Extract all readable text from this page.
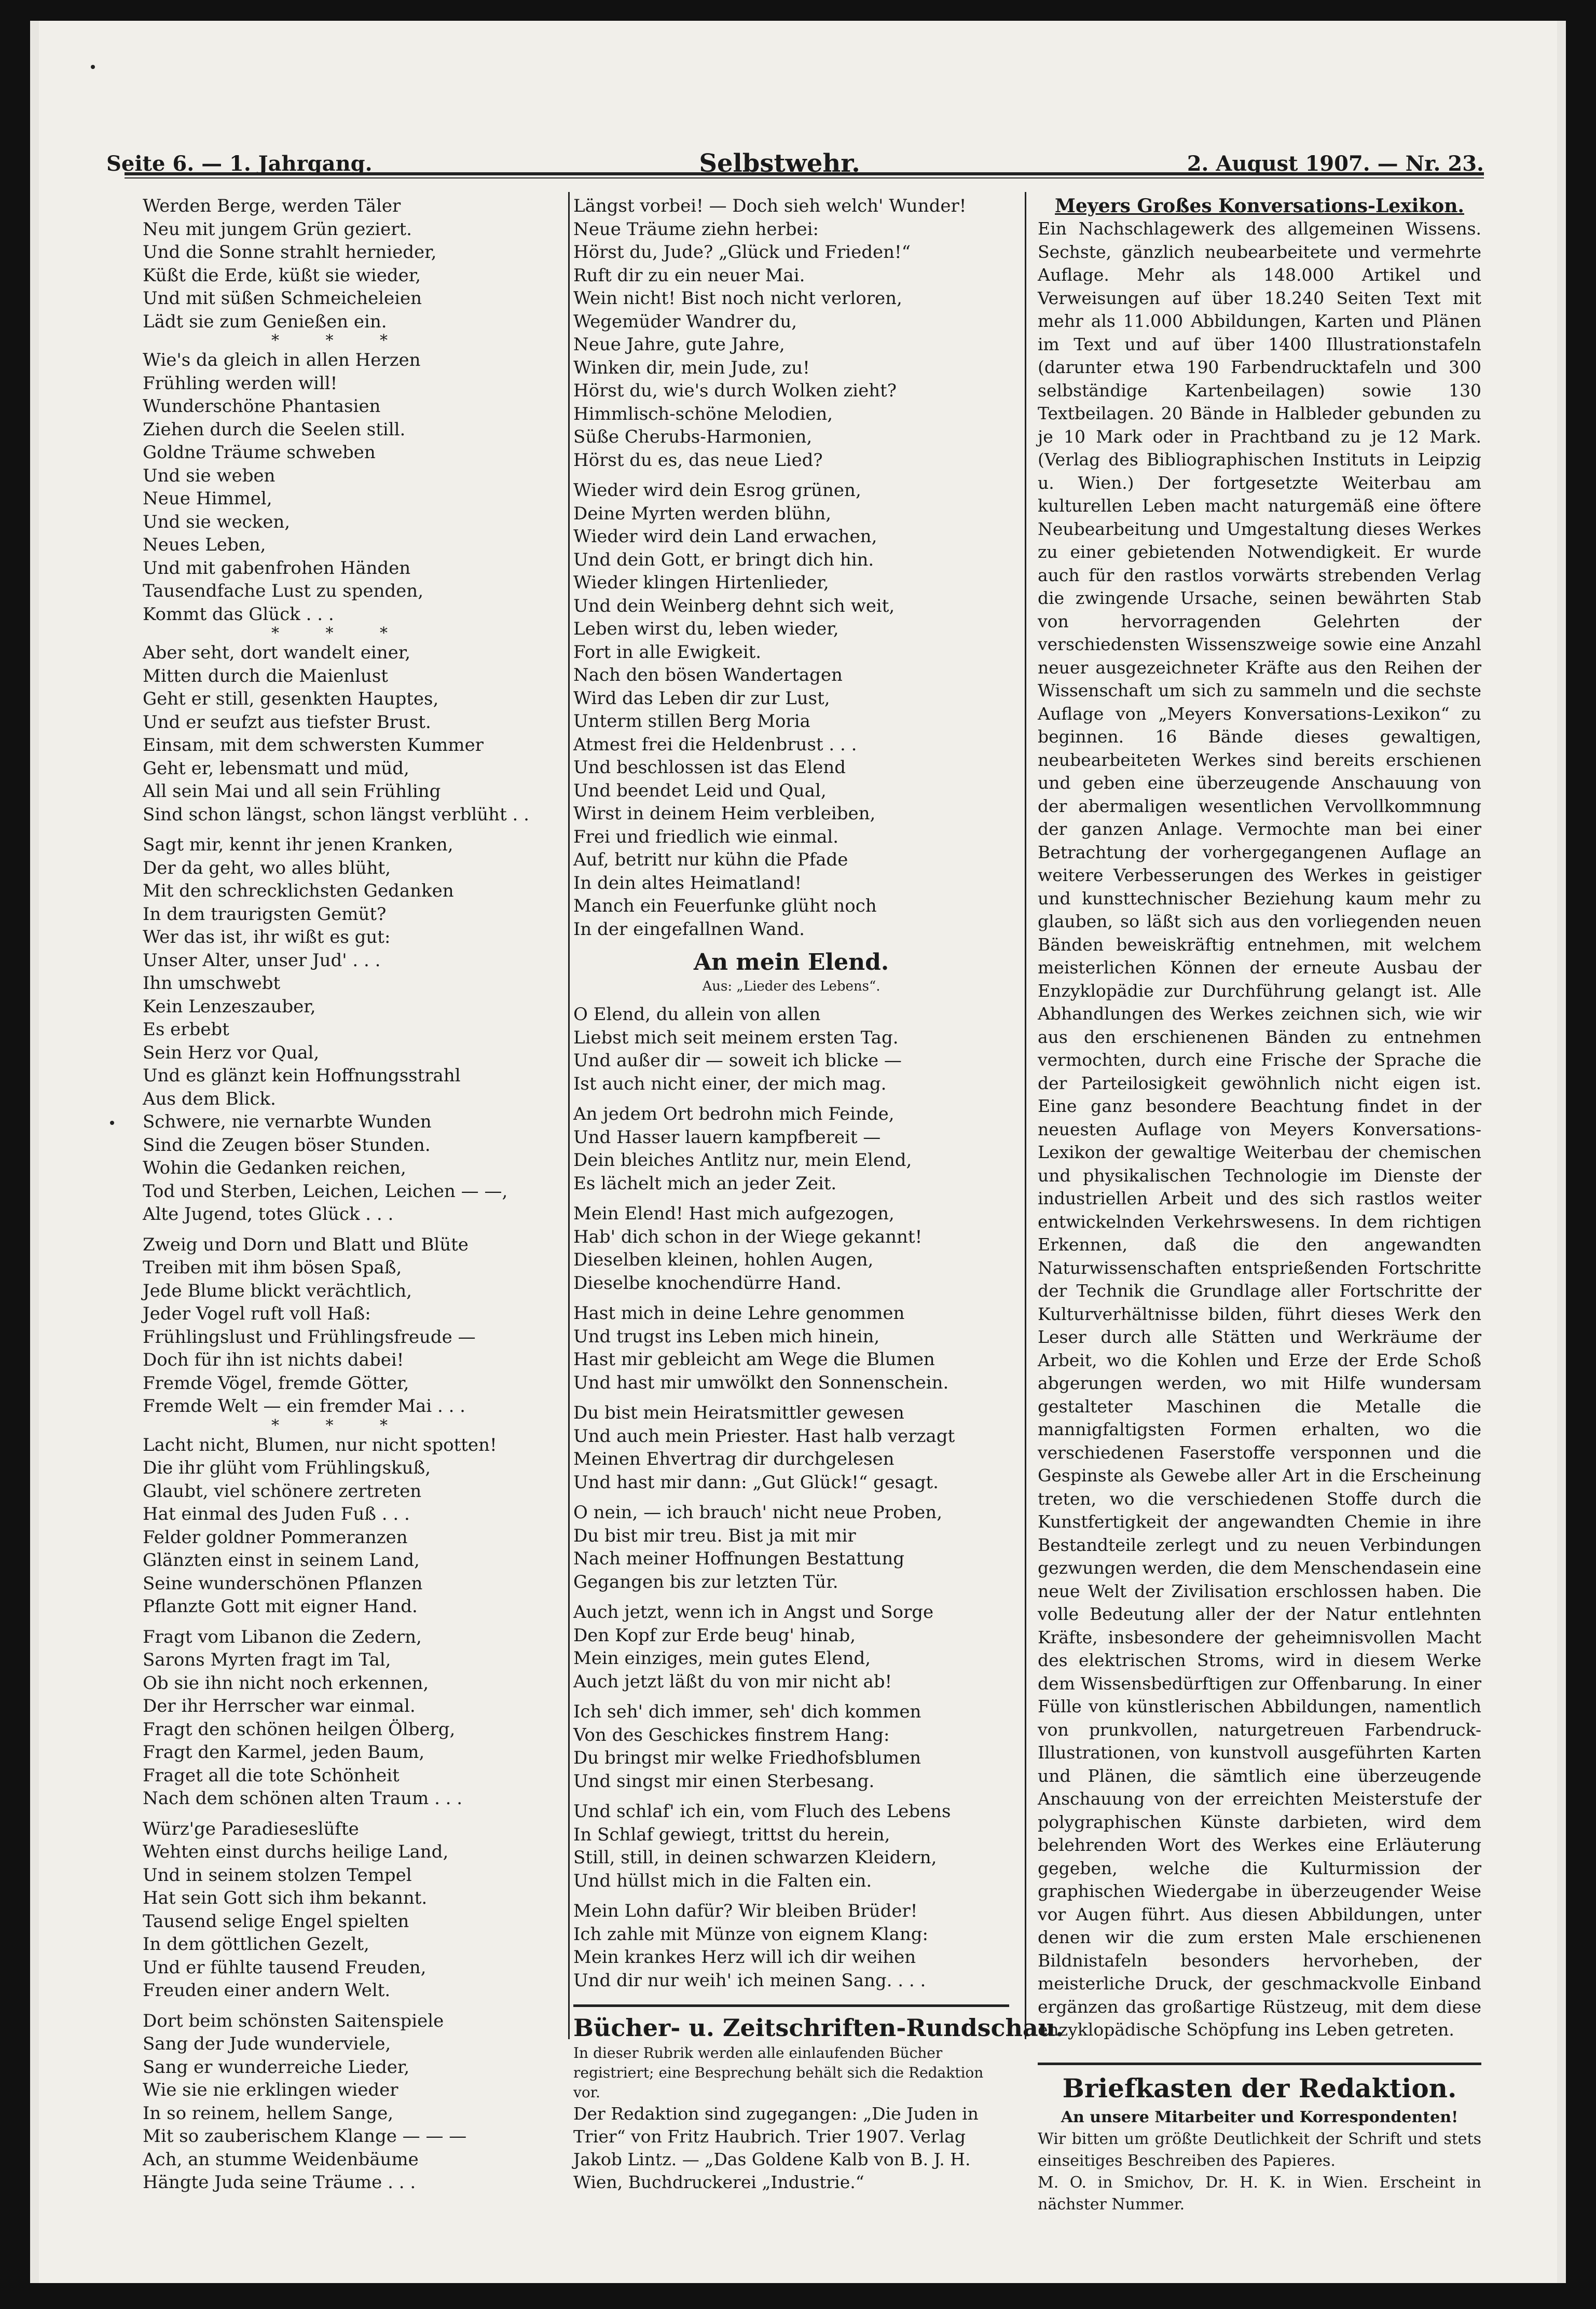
Seite 6. — 1. Jahrgang.	Selbstwehr.	2. August 1907. — Nr. 23.
Werden Berge, werden Täler
Neu mit jungem Grün geziert.
Und die Sonne strahlt hernieder,
Küßt die Erde, küßt sie wieder,
Und mit süßen Schmeicheleien
Lädt sie zum Genießen ein.
* * *
Wie's da gleich in allen Herzen
Frühling werden will!
Wunderschöne Phantasien
Ziehen durch die Seelen still.
Goldne Träume schweben
Und sie weben
Neue Himmel,
Und sie wecken,
Neues Leben,
Und mit gabenfrohen Händen
Tausendfache Lust zu spenden,
Kommt das Glück . . .
* * *
Aber seht, dort wandelt einer,
Mitten durch die Maienlust
Geht er still, gesenkten Hauptes,
Und er seufzt aus tiefster Brust.
Einsam, mit dem schwersten Kummer
Geht er, lebensmatt und müd,
All sein Mai und all sein Frühling
Sind schon längst, schon längst verblüht . .
Sagt mir, kennt ihr jenen Kranken,
Der da geht, wo alles blüht,
Mit den schrecklichsten Gedanken
In dem traurigsten Gemüt?
Wer das ist, ihr wißt es gut:
Unser Alter, unser Jud' . . .
Ihn umschwebt
Kein Lenzeszauber,
Es erbebt
Sein Herz vor Qual,
Und es glänzt kein Hoffnungsstrahl
Aus dem Blick.
Schwere, nie vernarbte Wunden
Sind die Zeugen böser Stunden.
Wohin die Gedanken reichen,
Tod und Sterben, Leichen, Leichen — —,
Alte Jugend, totes Glück . . .
Zweig und Dorn und Blatt und Blüte
Treiben mit ihm bösen Spaß,
Jede Blume blickt verächtlich,
Jeder Vogel ruft voll Haß:
Frühlingslust und Frühlingsfreude —
Doch für ihn ist nichts dabei!
Fremde Vögel, fremde Götter,
Fremde Welt — ein fremder Mai . . .
* * *
Lacht nicht, Blumen, nur nicht spotten!
Die ihr glüht vom Frühlingskuß,
Glaubt, viel schönere zertreten
Hat einmal des Juden Fuß . . .
Felder goldner Pommeranzen
Glänzten einst in seinem Land,
Seine wunderschönen Pflanzen
Pflanzte Gott mit eigner Hand.
Fragt vom Libanon die Zedern,
Sarons Myrten fragt im Tal,
Ob sie ihn nicht noch erkennen,
Der ihr Herrscher war einmal.
Fragt den schönen heilgen Ölberg,
Fragt den Karmel, jeden Baum,
Fraget all die tote Schönheit
Nach dem schönen alten Traum . . .
Würz'ge Paradieseslüfte
Wehten einst durchs heilige Land,
Und in seinem stolzen Tempel
Hat sein Gott sich ihm bekannt.
Tausend selige Engel spielten
In dem göttlichen Gezelt,
Und er fühlte tausend Freuden,
Freuden einer andern Welt.
Dort beim schönsten Saitenspiele
Sang der Jude wunderviele,
Sang er wunderreiche Lieder,
Wie sie nie erklingen wieder
In so reinem, hellem Sange,
Mit so zauberischem Klange — — —
Ach, an stumme Weidenbäume
Hängte Juda seine Träume . . .
Längst vorbei! — Doch sieh welch' Wunder!
Neue Träume ziehn herbei:
Hörst du, Jude? „Glück und Frieden!“
Ruft dir zu ein neuer Mai.
Wein nicht! Bist noch nicht verloren,
Wegemüder Wandrer du,
Neue Jahre, gute Jahre,
Winken dir, mein Jude, zu!
Hörst du, wie's durch Wolken zieht?
Himmlisch-schöne Melodien,
Süße Cherubs-Harmonien,
Hörst du es, das neue Lied?
Wieder wird dein Esrog grünen,
Deine Myrten werden blühn,
Wieder wird dein Land erwachen,
Und dein Gott, er bringt dich hin.
Wieder klingen Hirtenlieder,
Und dein Weinberg dehnt sich weit,
Leben wirst du, leben wieder,
Fort in alle Ewigkeit.
Nach den bösen Wandertagen
Wird das Leben dir zur Lust,
Unterm stillen Berg Moria
Atmest frei die Heldenbrust . . .
Und beschlossen ist das Elend
Und beendet Leid und Qual,
Wirst in deinem Heim verbleiben,
Frei und friedlich wie einmal.
Auf, betritt nur kühn die Pfade
In dein altes Heimatland!
Manch ein Feuerfunke glüht noch
In der eingefallnen Wand.
An mein Elend.
Aus: „Lieder des Lebens“.
O Elend, du allein von allen
Liebst mich seit meinem ersten Tag.
Und außer dir — soweit ich blicke —
Ist auch nicht einer, der mich mag.
An jedem Ort bedrohn mich Feinde,
Und Hasser lauern kampfbereit —
Dein bleiches Antlitz nur, mein Elend,
Es lächelt mich an jeder Zeit.
Mein Elend! Hast mich aufgezogen,
Hab' dich schon in der Wiege gekannt!
Dieselben kleinen, hohlen Augen,
Dieselbe knochendürre Hand.
Hast mich in deine Lehre genommen
Und trugst ins Leben mich hinein,
Hast mir gebleicht am Wege die Blumen
Und hast mir umwölkt den Sonnenschein.
Du bist mein Heiratsmittler gewesen
Und auch mein Priester. Hast halb verzagt
Meinen Ehvertrag dir durchgelesen
Und hast mir dann: „Gut Glück!“ gesagt.
O nein, — ich brauch' nicht neue Proben,
Du bist mir treu. Bist ja mit mir
Nach meiner Hoffnungen Bestattung
Gegangen bis zur letzten Tür.
Auch jetzt, wenn ich in Angst und Sorge
Den Kopf zur Erde beug' hinab,
Mein einziges, mein gutes Elend,
Auch jetzt läßt du von mir nicht ab!
Ich seh' dich immer, seh' dich kommen
Von des Geschickes finstrem Hang:
Du bringst mir welke Friedhofsblumen
Und singst mir einen Sterbesang.
Und schlaf' ich ein, vom Fluch des Lebens
In Schlaf gewiegt, trittst du herein,
Still, still, in deinen schwarzen Kleidern,
Und hüllst mich in die Falten ein.
Mein Lohn dafür? Wir bleiben Brüder!
Ich zahle mit Münze von eignem Klang:
Mein krankes Herz will ich dir weihen
Und dir nur weih' ich meinen Sang. . . .
Bücher- u. Zeitschriften-Rundschau.
In dieser Rubrik werden alle einlaufenden Bücher registriert; eine Besprechung behält sich die Redaktion vor.
Der Redaktion sind zugegangen: „Die Juden in Trier“ von Fritz Haubrich. Trier 1907. Verlag Jakob Lintz. — „Das Goldene Kalb von B. J. H. Wien, Buchdruckerei „Industrie.“

Meyers Großes Konversations-Lexikon.

Ein Nachschlagewerk des allgemeinen Wissens. Sechste, gänzlich neubearbeitete und vermehrte Auflage. Mehr als 148.000 Artikel und Verweisungen auf über 18.240 Seiten Text mit mehr als 11.000 Abbildungen, Karten und Plänen im Text und auf über 1400 Illustrationstafeln (darunter etwa 190 Farbendrucktafeln und 300 selbständige Kartenbeilagen) sowie 130 Textbeilagen. 20 Bände in Halbleder gebunden zu je 10 Mark oder in Prachtband zu je 12 Mark. (Verlag des Bibliographischen Instituts in Leipzig u. Wien.) Der fortgesetzte Weiterbau am kulturellen Leben macht naturgemäß eine öftere Neubearbeitung und Umgestaltung dieses Werkes zu einer gebietenden Notwendigkeit. Er wurde auch für den rastlos vorwärts strebenden Verlag die zwingende Ursache, seinen bewährten Stab von hervorragenden Gelehrten der verschiedensten Wissenszweige sowie eine Anzahl neuer ausgezeichneter Kräfte aus den Reihen der Wissenschaft um sich zu sammeln und die sechste Auflage von „Meyers Konversations-Lexikon“ zu beginnen. 16 Bände dieses gewaltigen, neubearbeiteten Werkes sind bereits erschienen und geben eine überzeugende Anschauung von der abermaligen wesentlichen Vervollkommnung der ganzen Anlage. Vermochte man bei einer Betrachtung der vorhergegangenen Auflage an weitere Verbesserungen des Werkes in geistiger und kunsttechnischer Beziehung kaum mehr zu glauben, so läßt sich aus den vorliegenden neuen Bänden beweiskräftig entnehmen, mit welchem meisterlichen Können der erneute Ausbau der Enzyklopädie zur Durchführung gelangt ist. Alle Abhandlungen des Werkes zeichnen sich, wie wir aus den erschienenen Bänden zu entnehmen vermochten, durch eine Frische der Sprache die der Parteilosigkeit gewöhnlich nicht eigen ist. Eine ganz besondere Beachtung findet in der neuesten Auflage von Meyers Konversations-Lexikon der gewaltige Weiterbau der chemischen und physikalischen Technologie im Dienste der industriellen Arbeit und des sich rastlos weiter entwickelnden Verkehrswesens. In dem richtigen Erkennen, daß die den angewandten Naturwissenschaften entsprießenden Fortschritte der Technik die Grundlage aller Fortschritte der Kulturverhältnisse bilden, führt dieses Werk den Leser durch alle Stätten und Werkräume der Arbeit, wo die Kohlen und Erze der Erde Schoß abgerungen werden, wo mit Hilfe wundersam gestalteter Maschinen die Metalle die mannigfaltigsten Formen erhalten, wo die verschiedenen Faserstoffe versponnen und die Gespinste als Gewebe aller Art in die Erscheinung treten, wo die verschiedenen Stoffe durch die Kunstfertigkeit der angewandten Chemie in ihre Bestandteile zerlegt und zu neuen Verbindungen gezwungen werden, die dem Menschendasein eine neue Welt der Zivilisation erschlossen haben. Die volle Bedeutung aller der der Natur entlehnten Kräfte, insbesondere der geheimnisvollen Macht des elektrischen Stroms, wird in diesem Werke dem Wissensbedürftigen zur Offenbarung. In einer Fülle von künstlerischen Abbildungen, namentlich von prunkvollen, naturgetreuen Farbendruck-Illustrationen, von kunstvoll ausgeführten Karten und Plänen, die sämtlich eine überzeugende Anschauung von der erreichten Meisterstufe der polygraphischen Künste darbieten, wird dem belehrenden Wort des Werkes eine Erläuterung gegeben, welche die Kulturmission der graphischen Wiedergabe in überzeugender Weise vor Augen führt. Aus diesen Abbildungen, unter denen wir die zum ersten Male erschienenen Bildnistafeln besonders hervorheben, der meisterliche Druck, der geschmackvolle Einband ergänzen das großartige Rüstzeug, mit dem diese enzyklopädische Schöpfung ins Leben getreten.

Briefkasten der Redaktion.

An unsere Mitarbeiter und Korrespondenten!

Wir bitten um größte Deutlichkeit der Schrift und stets einseitiges Beschreiben des Papieres.

M. O. in Smichov, Dr. H. K. in Wien. Erscheint in nächster Nummer.
